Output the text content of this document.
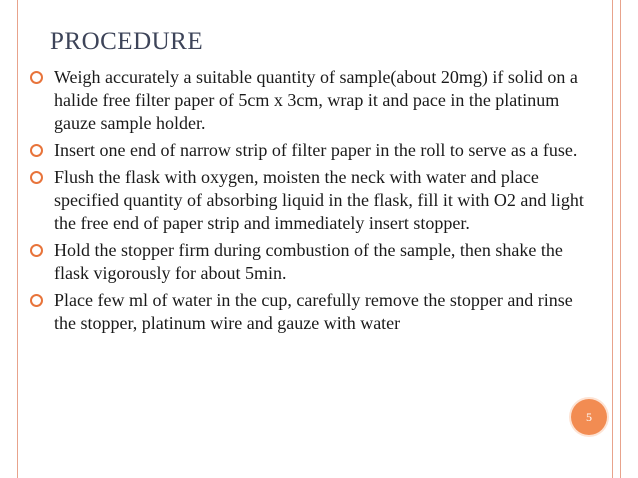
PROCEDURE
Weigh accurately a suitable quantity of sample(about 20mg) if solid on a halide free filter paper of 5cm x 3cm, wrap it and pace in the platinum gauze sample holder.
Insert one end of narrow strip of filter paper in the roll to serve as a fuse.
Flush the flask with oxygen, moisten the neck with water and place specified quantity of absorbing liquid in the flask, fill it with O2 and light the free end of paper strip and immediately insert stopper.
Hold the stopper firm during combustion of the sample, then shake the flask vigorously for about 5min.
Place few ml of water in the cup, carefully remove the stopper and rinse the stopper, platinum wire and gauze with water
5
